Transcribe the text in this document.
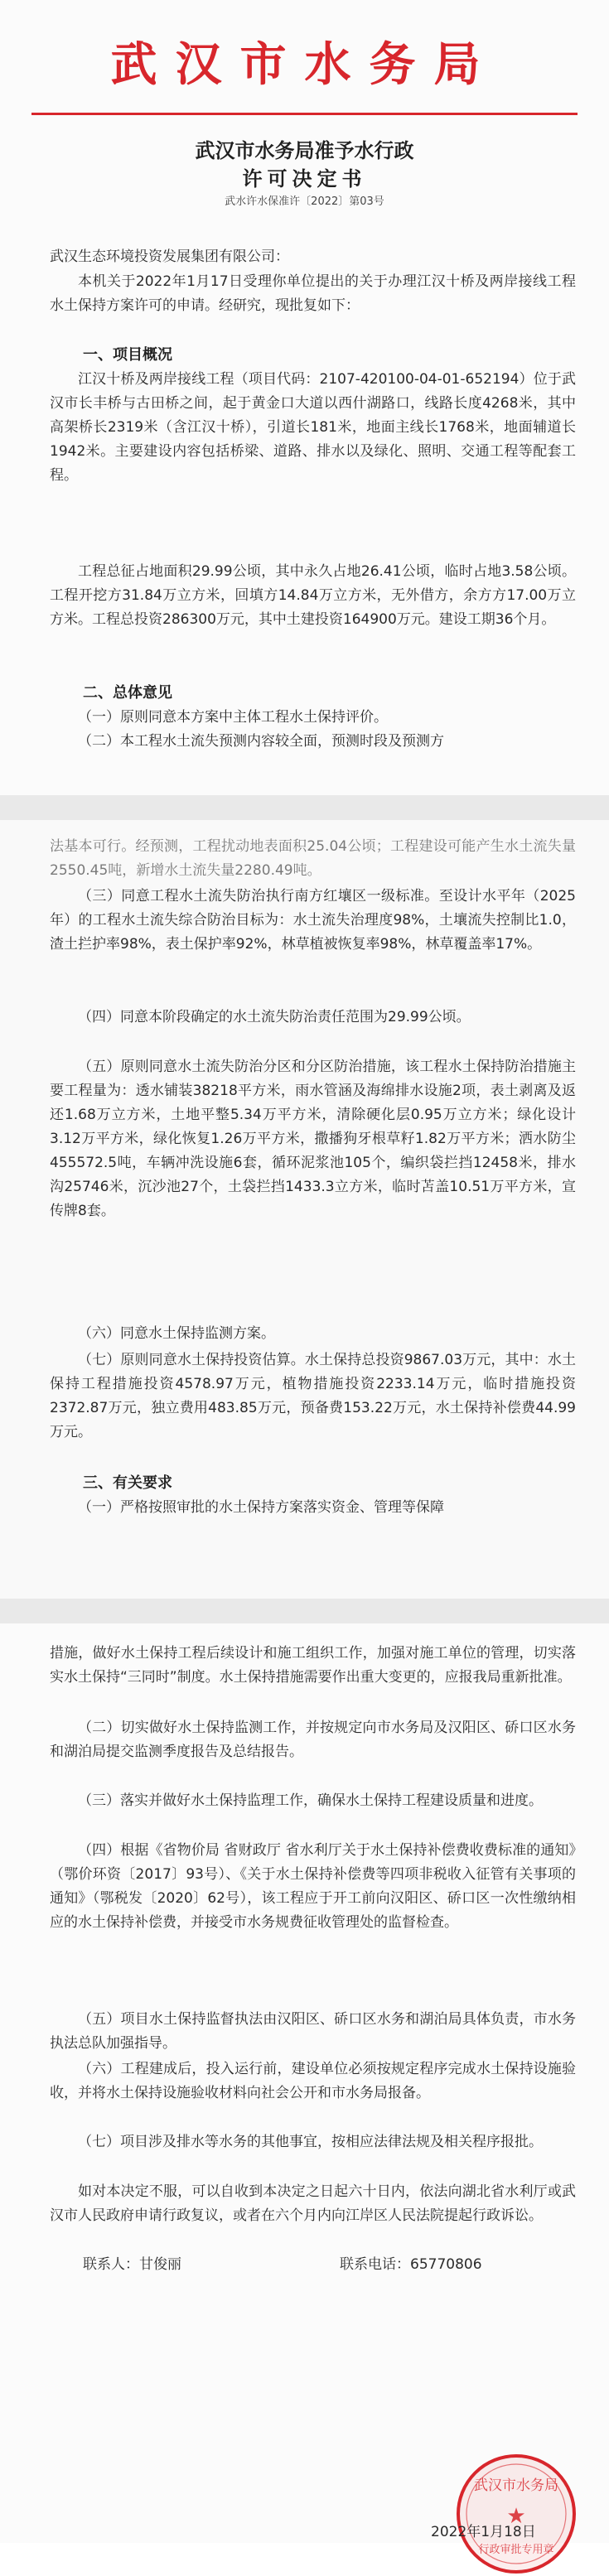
武汉市水务局
武汉市水务局准予水行政
许可决定书
武水许水保准许〔2022〕第03号
武汉生态环境投资发展集团有限公司：
本机关于2022年1月17日受理你单位提出的关于办理江汉十桥及两岸接线工程水土保持方案许可的申请。经研究，现批复如下：
一、项目概况
江汉十桥及两岸接线工程（项目代码：2107-420100-04-01-652194）位于武汉市长丰桥与古田桥之间，起于黄金口大道以西什湖路口，线路长度4268米，其中高架桥长2319米（含江汉十桥），引道长181米，地面主线长1768米，地面辅道长1942米。主要建设内容包括桥梁、道路、排水以及绿化、照明、交通工程等配套工程。
工程总征占地面积29.99公顷，其中永久占地26.41公顷，临时占地3.58公顷。工程开挖方31.84万立方米，回填方14.84万立方米，无外借方，余方方17.00万立方米。工程总投资286300万元，其中土建投资164900万元。建设工期36个月。
二、总体意见
（一）原则同意本方案中主体工程水土保持评价。
（二）本工程水土流失预测内容较全面，预测时段及预测方
法基本可行。经预测，工程扰动地表面积25.04公顷；工程建设可能产生水土流失量2550.45吨，新增水土流失量2280.49吨。
（三）同意工程水土流失防治执行南方红壤区一级标准。至设计水平年（2025年）的工程水土流失综合防治目标为：水土流失治理度98%，土壤流失控制比1.0，渣土拦护率98%，表土保护率92%，林草植被恢复率98%，林草覆盖率17%。
（四）同意本阶段确定的水土流失防治责任范围为29.99公顷。
（五）原则同意水土流失防治分区和分区防治措施，该工程水土保持防治措施主要工程量为：透水铺装38218平方米，雨水管涵及海绵排水设施2项，表土剥离及返还1.68万立方米，土地平整5.34万平方米，清除硬化层0.95万立方米；绿化设计3.12万平方米，绿化恢复1.26万平方米，撒播狗牙根草籽1.82万平方米；洒水防尘455572.5吨，车辆冲洗设施6套，循环泥浆池105个，编织袋拦挡12458米，排水沟25746米，沉沙池27个，土袋拦挡1433.3立方米，临时苫盖10.51万平方米，宣传牌8套。
（六）同意水土保持监测方案。
（七）原则同意水土保持投资估算。水土保持总投资9867.03万元，其中：水土保持工程措施投资4578.97万元，植物措施投资2233.14万元，临时措施投资2372.87万元，独立费用483.85万元，预备费153.22万元，水土保持补偿费44.99万元。
三、有关要求
（一）严格按照审批的水土保持方案落实资金、管理等保障
措施，做好水土保持工程后续设计和施工组织工作，加强对施工单位的管理，切实落实水土保持“三同时”制度。水土保持措施需要作出重大变更的，应报我局重新批准。
（二）切实做好水土保持监测工作，并按规定向市水务局及汉阳区、硚口区水务和湖泊局提交监测季度报告及总结报告。
（三）落实并做好水土保持监理工作，确保水土保持工程建设质量和进度。
（四）根据《省物价局 省财政厅 省水利厅关于水土保持补偿费收费标准的通知》（鄂价环资〔2017〕93号）、《关于水土保持补偿费等四项非税收入征管有关事项的通知》（鄂税发〔2020〕62号），该工程应于开工前向汉阳区、硚口区一次性缴纳相应的水土保持补偿费，并接受市水务规费征收管理处的监督检查。
（五）项目水土保持监督执法由汉阳区、硚口区水务和湖泊局具体负责，市水务执法总队加强指导。
（六）工程建成后，投入运行前，建设单位必须按规定程序完成水土保持设施验收，并将水土保持设施验收材料向社会公开和市水务局报备。
（七）项目涉及排水等水务的其他事宜，按相应法律法规及相关程序报批。
如对本决定不服，可以自收到本决定之日起六十日内，依法向湖北省水利厅或武汉市人民政府申请行政复议，或者在六个月内向江岸区人民法院提起行政诉讼。
联系人：甘俊丽	联系电话：65770806
武汉市水务局
★
行政审批专用章
2022年1月18日
